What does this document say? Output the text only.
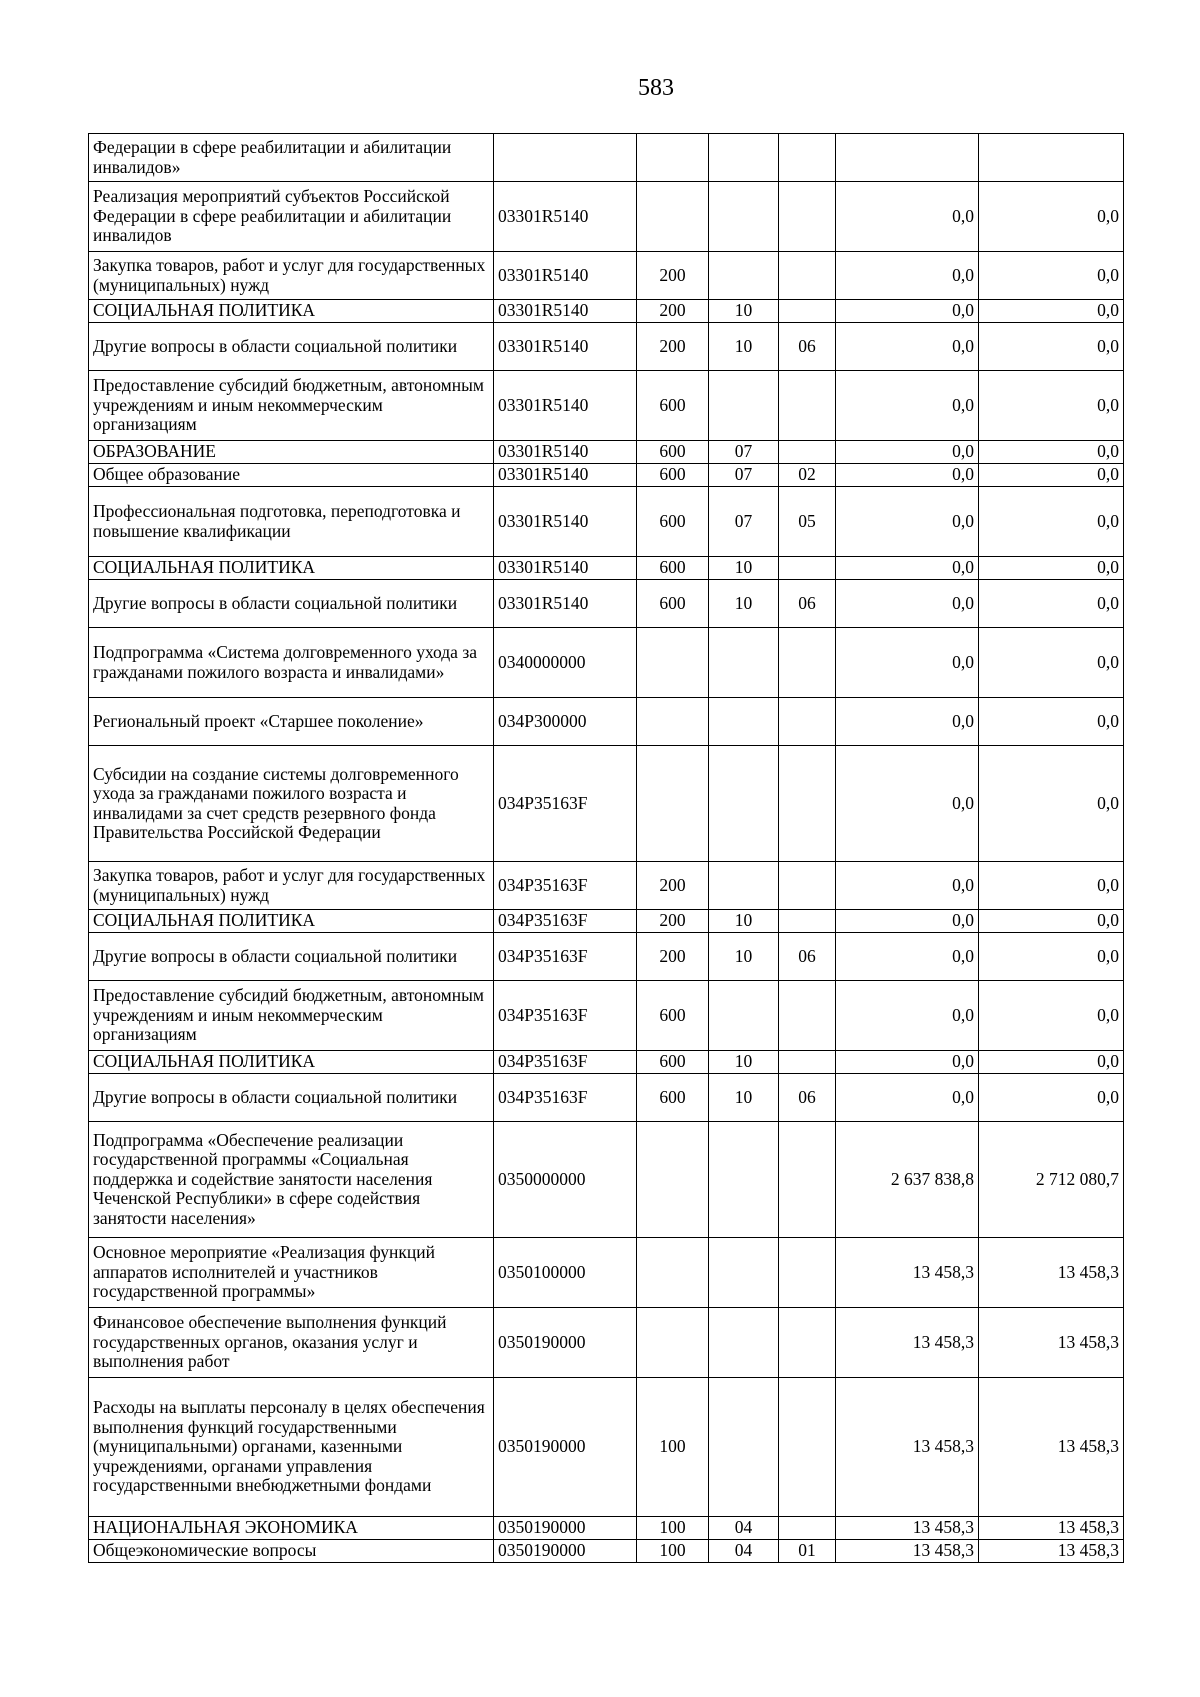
583
Федерации в сфере реабилитации и абилитации инвалидов»						
Реализация мероприятий субъектов Российской Федерации в сфере реабилитации и абилитации инвалидов	03301R5140				0,0	0,0
Закупка товаров, работ и услуг для государственных (муниципальных) нужд	03301R5140	200			0,0	0,0
СОЦИАЛЬНАЯ ПОЛИТИКА	03301R5140	200	10		0,0	0,0
Другие вопросы в области социальной политики	03301R5140	200	10	06	0,0	0,0
Предоставление субсидий бюджетным, автономным учреждениям и иным некоммерческим организациям	03301R5140	600			0,0	0,0
ОБРАЗОВАНИЕ	03301R5140	600	07		0,0	0,0
Общее образование	03301R5140	600	07	02	0,0	0,0
Профессиональная подготовка, переподготовка и повышение квалификации	03301R5140	600	07	05	0,0	0,0
СОЦИАЛЬНАЯ ПОЛИТИКА	03301R5140	600	10		0,0	0,0
Другие вопросы в области социальной политики	03301R5140	600	10	06	0,0	0,0
Подпрограмма «Система долговременного ухода за гражданами пожилого возраста и инвалидами»	0340000000				0,0	0,0
Региональный проект «Старшее поколение»	034P300000				0,0	0,0
Субсидии на создание системы долговременного ухода за гражданами пожилого возраста и инвалидами за счет средств резервного фонда Правительства Российской Федерации	034P35163F				0,0	0,0
Закупка товаров, работ и услуг для государственных (муниципальных) нужд	034P35163F	200			0,0	0,0
СОЦИАЛЬНАЯ ПОЛИТИКА	034P35163F	200	10		0,0	0,0
Другие вопросы в области социальной политики	034P35163F	200	10	06	0,0	0,0
Предоставление субсидий бюджетным, автономным учреждениям и иным некоммерческим организациям	034P35163F	600			0,0	0,0
СОЦИАЛЬНАЯ ПОЛИТИКА	034P35163F	600	10		0,0	0,0
Другие вопросы в области социальной политики	034P35163F	600	10	06	0,0	0,0
Подпрограмма «Обеспечение реализации государственной программы «Социальная поддержка и содействие занятости населения Чеченской Республики» в сфере содействия занятости населения»	0350000000				2 637 838,8	2 712 080,7
Основное мероприятие «Реализация функций аппаратов исполнителей и участников государственной программы»	0350100000				13 458,3	13 458,3
Финансовое обеспечение выполнения функций государственных органов, оказания услуг и выполнения работ	0350190000				13 458,3	13 458,3
Расходы на выплаты персоналу в целях обеспечения выполнения функций государственными (муниципальными) органами, казенными учреждениями, органами управления государственными внебюджетными фондами	0350190000	100			13 458,3	13 458,3
НАЦИОНАЛЬНАЯ ЭКОНОМИКА	0350190000	100	04		13 458,3	13 458,3
Общеэкономические вопросы	0350190000	100	04	01	13 458,3	13 458,3
